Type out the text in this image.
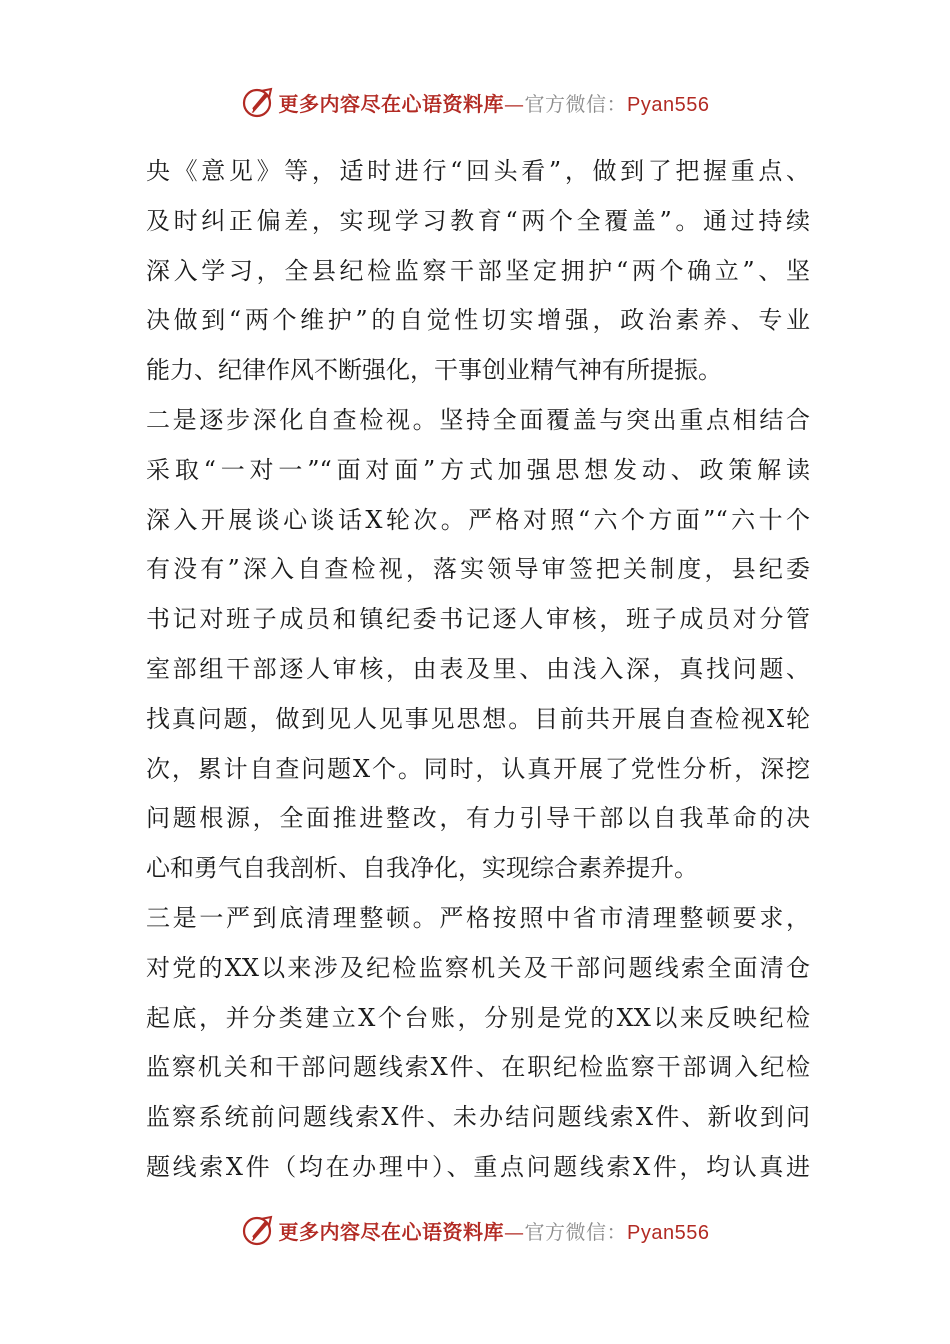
更多内容尽在心语资料库—官方微信：Pyan556
央《意见》等，适时进行“回头看”，做到了把握重点、
及时纠正偏差，实现学习教育“两个全覆盖”。通过持续
深入学习，全县纪检监察干部坚定拥护“两个确立”、坚
决做到“两个维护”的自觉性切实增强，政治素养、专业
能力、纪律作风不断强化，干事创业精气神有所提振。
二是逐步深化自查检视。坚持全面覆盖与突出重点相结合
采取“一对一”“面对面”方式加强思想发动、政策解读
深入开展谈心谈话X轮次。严格对照“六个方面”“六十个
有没有”深入自查检视，落实领导审签把关制度，县纪委
书记对班子成员和镇纪委书记逐人审核，班子成员对分管
室部组干部逐人审核，由表及里、由浅入深，真找问题、
找真问题，做到见人见事见思想。目前共开展自查检视X轮
次，累计自查问题X个。同时，认真开展了党性分析，深挖
问题根源，全面推进整改，有力引导干部以自我革命的决
心和勇气自我剖析、自我净化，实现综合素养提升。
三是一严到底清理整顿。严格按照中省市清理整顿要求，
对党的XX以来涉及纪检监察机关及干部问题线索全面清仓
起底，并分类建立X个台账，分别是党的XX以来反映纪检
监察机关和干部问题线索X件、在职纪检监察干部调入纪检
监察系统前问题线索X件、未办结问题线索X件、新收到问
题线索X件（均在办理中）、重点问题线索X件，均认真进
更多内容尽在心语资料库—官方微信：Pyan556
